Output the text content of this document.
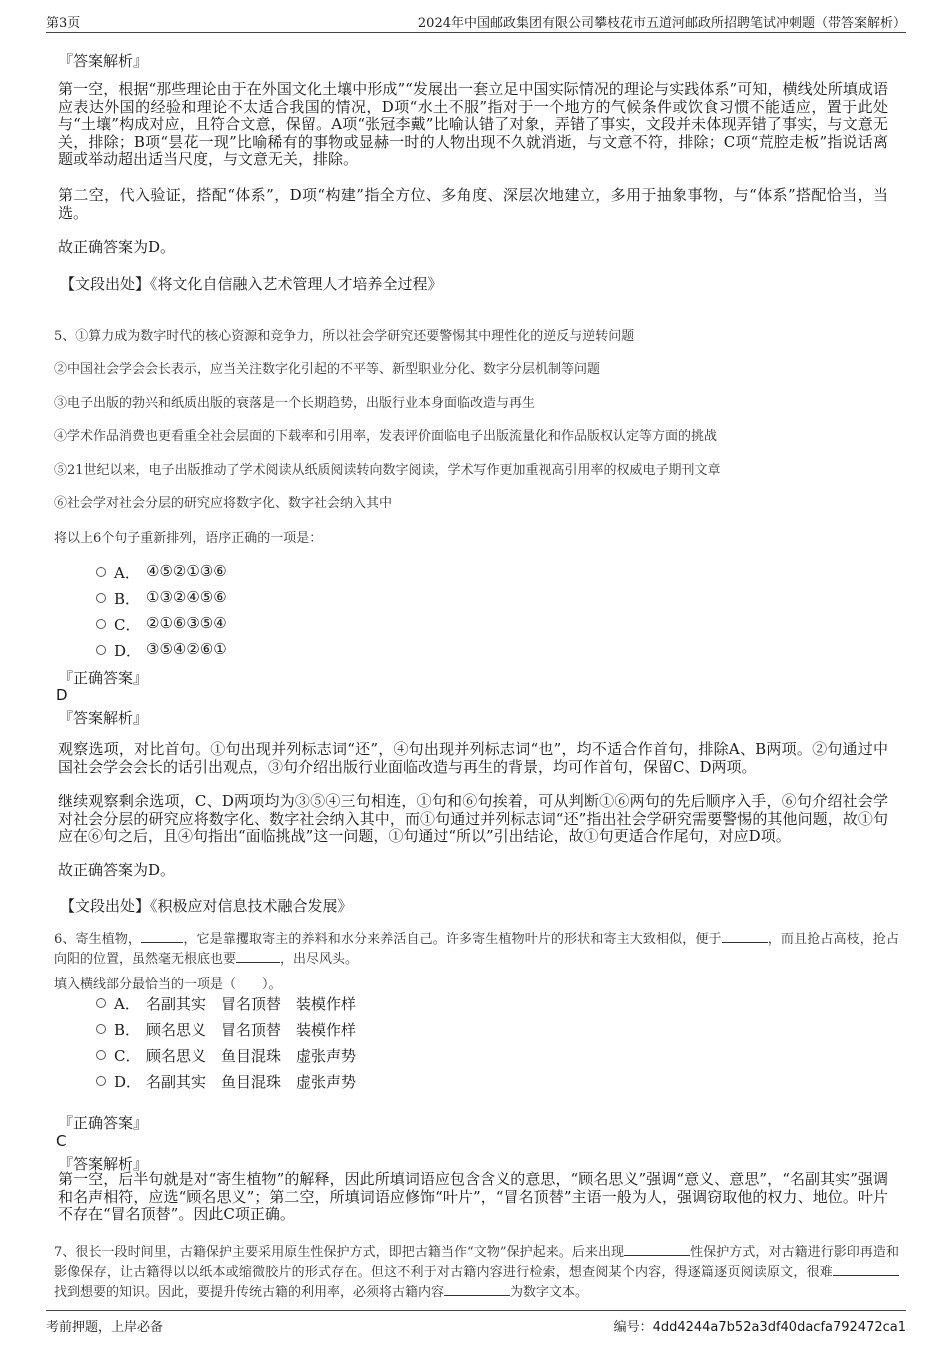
第3页	2024年中国邮政集团有限公司攀枝花市五道河邮政所招聘笔试冲刺题（带答案解析）
『答案解析』
第一空，根据“那些理论由于在外国文化土壤中形成”“发展出一套立足中国实际情况的理论与实践体系”可知，横线处所填成语应表达外国的经验和理论不太适合我国的情况，D项“水土不服”指对于一个地方的气候条件或饮食习惯不能适应，置于此处与“土壤”构成对应，且符合文意，保留。A项“张冠李戴”比喻认错了对象，弄错了事实，文段并未体现弄错了事实，与文意无关，排除；B项“昙花一现”比喻稀有的事物或显赫一时的人物出现不久就消逝，与文意不符，排除；C项“荒腔走板”指说话离题或举动超出适当尺度，与文意无关，排除。
第二空，代入验证，搭配“体系”，D项“构建”指全方位、多角度、深层次地建立，多用于抽象事物，与“体系”搭配恰当，当选。
故正确答案为D。
【文段出处】《将文化自信融入艺术管理人才培养全过程》
5、①算力成为数字时代的核心资源和竞争力，所以社会学研究还要警惕其中理性化的逆反与逆转问题
②中国社会学会会长表示，应当关注数字化引起的不平等、新型职业分化、数字分层机制等问题
③电子出版的勃兴和纸质出版的衰落是一个长期趋势，出版行业本身面临改造与再生
④学术作品消费也更看重全社会层面的下载率和引用率，发表评价面临电子出版流量化和作品版权认定等方面的挑战
⑤21世纪以来，电子出版推动了学术阅读从纸质阅读转向数字阅读，学术写作更加重视高引用率的权威电子期刊文章
⑥社会学对社会分层的研究应将数字化、数字社会纳入其中
将以上6个句子重新排列，语序正确的一项是：
A． ④⑤②①③⑥
B． ①③②④⑤⑥
C． ②①⑥③⑤④
D． ③⑤④②⑥①
『正确答案』
D
『答案解析』
观察选项，对比首句。①句出现并列标志词“还”，④句出现并列标志词“也”，均不适合作首句，排除A、B两项。②句通过中国社会学会会长的话引出观点，③句介绍出版行业面临改造与再生的背景，均可作首句，保留C、D两项。
继续观察剩余选项，C、D两项均为③⑤④三句相连，①句和⑥句挨着，可从判断①⑥两句的先后顺序入手，⑥句介绍社会学对社会分层的研究应将数字化、数字社会纳入其中，而①句通过并列标志词“还”指出社会学研究需要警惕的其他问题，故①句应在⑥句之后，且④句指出“面临挑战”这一问题，①句通过“所以”引出结论，故①句更适合作尾句，对应D项。
故正确答案为D。
【文段出处】《积极应对信息技术融合发展》
6、寄生植物，	，它是靠攫取寄主的养料和水分来养活自己。许多寄生植物叶片的形状和寄主大致相似，便于	，而且抢占高枝，抢占向阳的位置，虽然毫无根底也要	，出尽风头。
填入横线部分最恰当的一项是（　　）。
A． 名副其实　冒名顶替　装模作样
B． 顾名思义　冒名顶替　装模作样
C． 顾名思义　鱼目混珠　虚张声势
D． 名副其实　鱼目混珠　虚张声势
『正确答案』
C
『答案解析』
第一空，后半句就是对“寄生植物”的解释，因此所填词语应包含含义的意思，“顾名思义”强调“意义、意思”，“名副其实”强调和名声相符，应选“顾名思义”；第二空，所填词语应修饰“叶片”，“冒名顶替”主语一般为人，强调窃取他的权力、地位。叶片不存在“冒名顶替”。因此C项正确。
7、很长一段时间里，古籍保护主要采用原生性保护方式，即把古籍当作“文物”保护起来。后来出现	性保护方式，对古籍进行影印再造和影像保存，让古籍得以以纸本或缩微胶片的形式存在。但这不利于对古籍内容进行检索，想查阅某个内容，得逐篇逐页阅读原文，很难找到想要的知识。因此，要提升传统古籍的利用率，必须将古籍内容	为数字文本。
考前押题，上岸必备	编号：4dd4244a7b52a3df40dacfa792472ca1
